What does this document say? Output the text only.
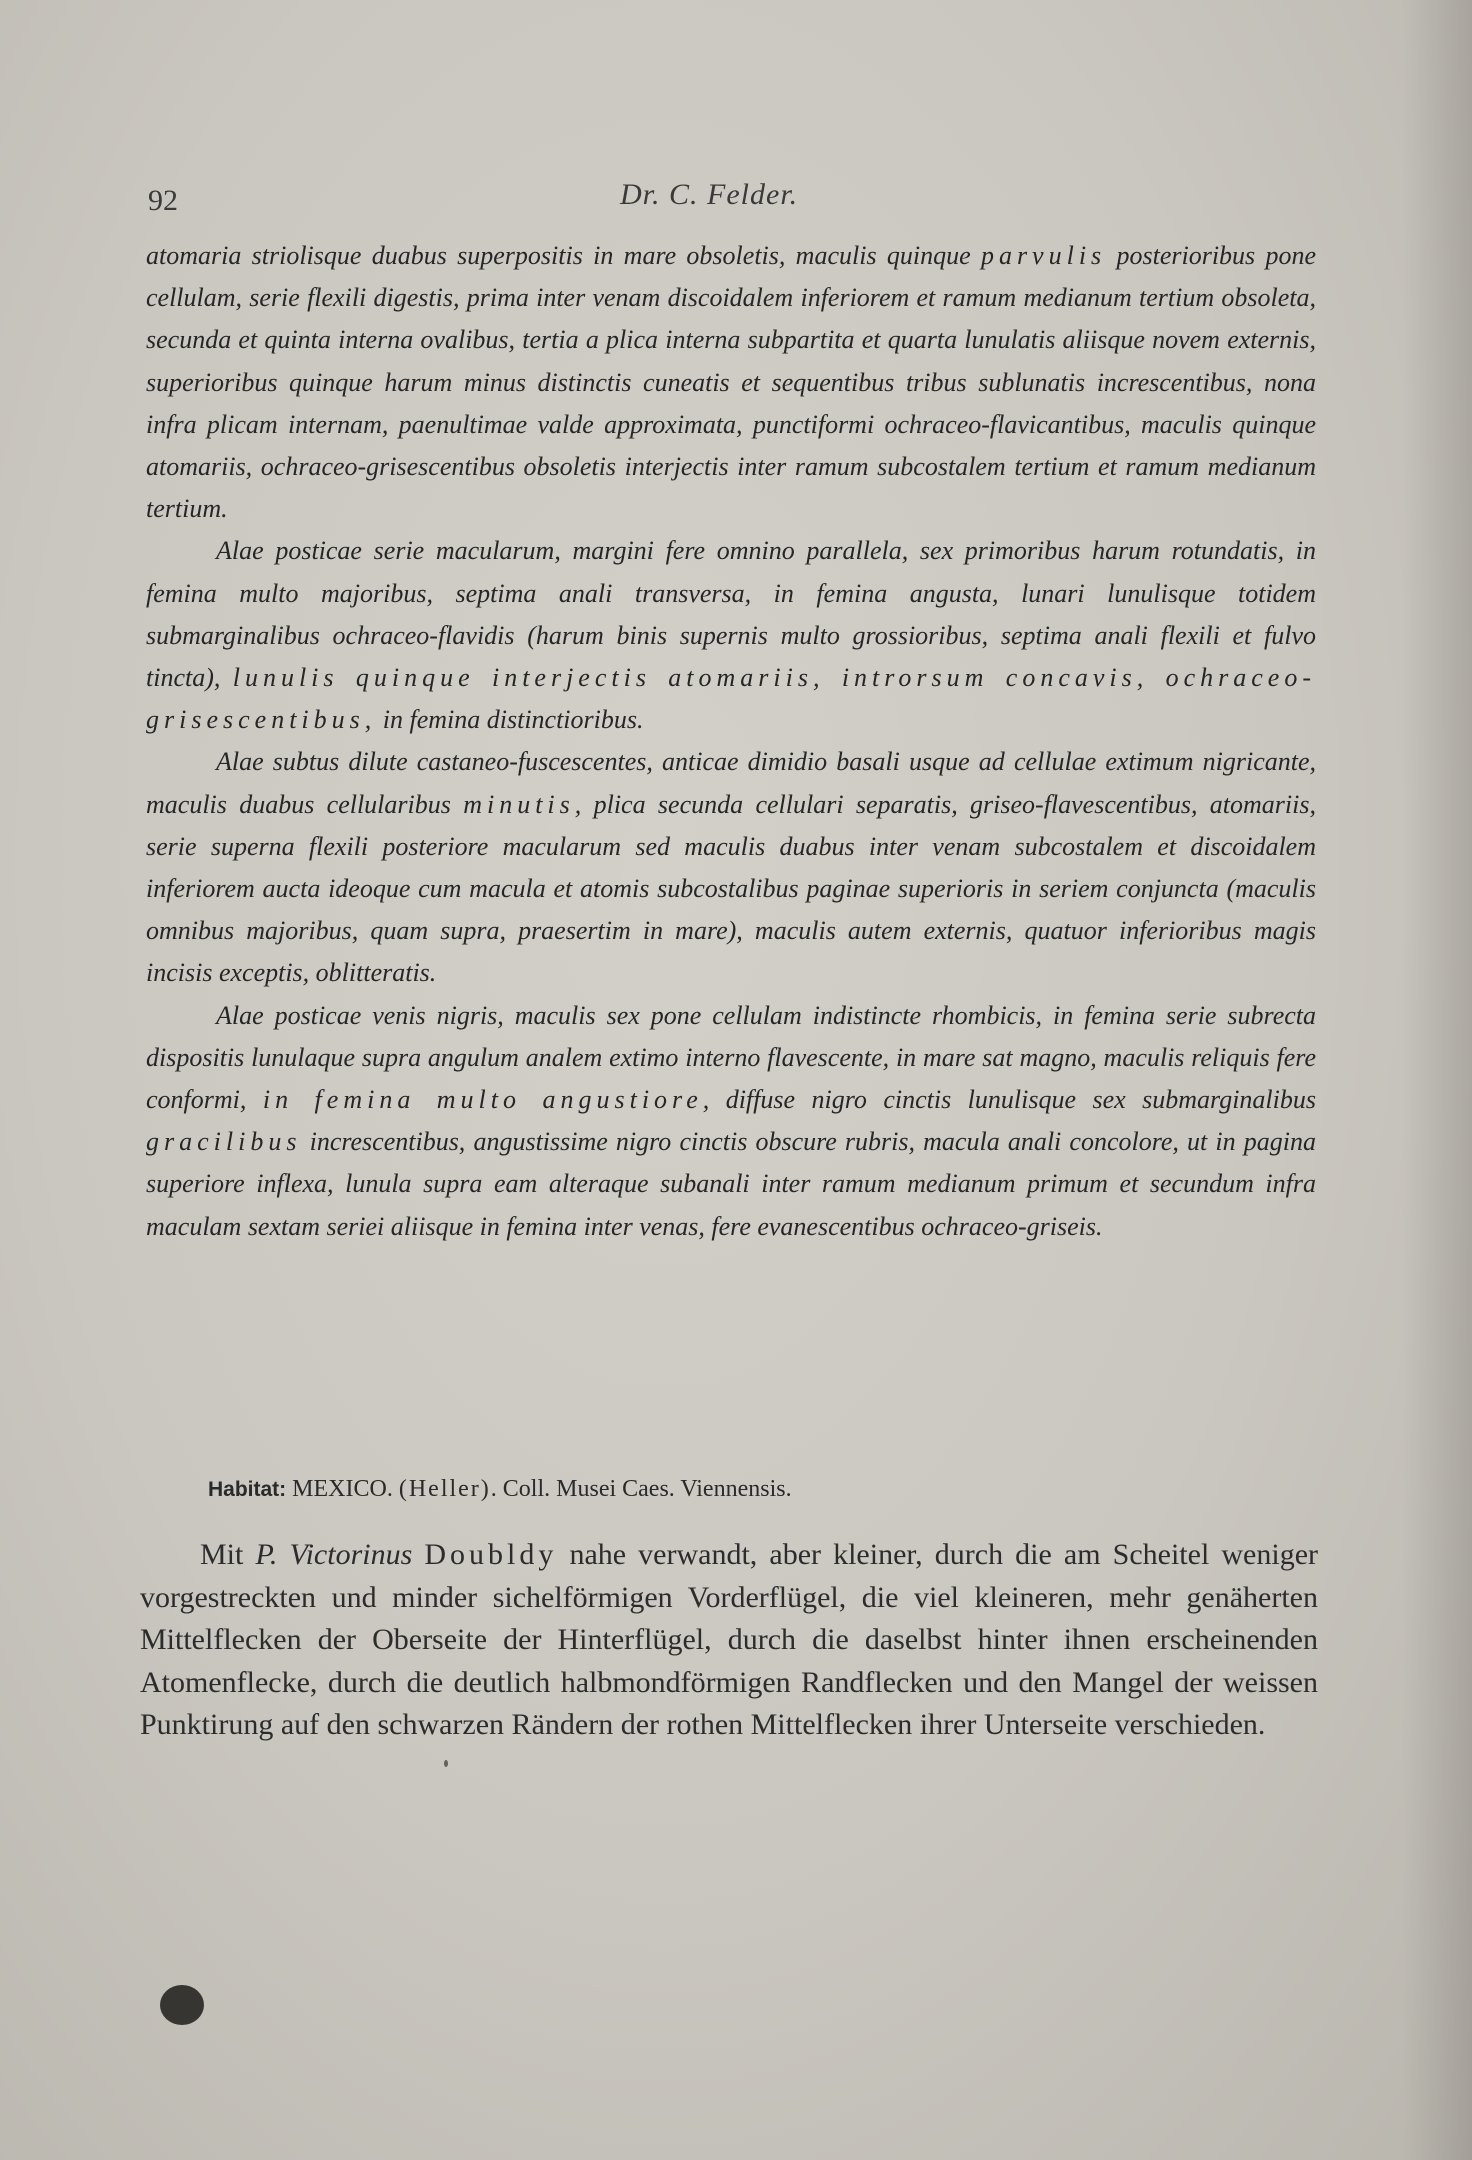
92	Dr. C. Felder.

atomaria striolisque duabus superpositis in mare obsoletis, maculis quinque parvulis posterioribus pone cellulam, serie flexili digestis, prima inter venam discoidalem inferiorem et ramum medianum tertium obsoleta, secunda et quinta interna ovalibus, tertia a plica interna subpartita et quarta lunulatis aliisque novem externis, superioribus quinque harum minus distinctis cuneatis et sequentibus tribus sublunatis increscentibus, nona infra plicam internam, paenultimae valde approximata, punctiformi ochraceo-flavicantibus, maculis quinque atomariis, ochraceo-grisescentibus obsoletis interjectis inter ramum subcostalem tertium et ramum medianum tertium.

Alae posticae serie macularum, margini fere omnino parallela, sex primoribus harum rotundatis, in femina multo majoribus, septima anali transversa, in femina angusta, lunari lunulisque totidem submarginalibus ochraceo-flavidis (harum binis supernis multo grossioribus, septima anali flexili et fulvo tincta), lunulis quinque interjectis atomariis, introrsum concavis, ochraceo-grisescentibus, in femina distinctioribus.

Alae subtus dilute castaneo-fuscescentes, anticae dimidio basali usque ad cellulae extimum nigricante, maculis duabus cellularibus minutis, plica secunda cellulari separatis, griseo-flavescentibus, atomariis, serie superna flexili posteriore macularum sed maculis duabus inter venam subcostalem et discoidalem inferiorem aucta ideoque cum macula et atomis subcostalibus paginae superioris in seriem conjuncta (maculis omnibus majoribus, quam supra, praesertim in mare), maculis autem externis, quatuor inferioribus magis incisis exceptis, oblitteratis.

Alae posticae venis nigris, maculis sex pone cellulam indistincte rhombicis, in femina serie subrecta dispositis lunulaque supra angulum analem extimo interno flavescente, in mare sat magno, maculis reliquis fere conformi, in femina multo angustiore, diffuse nigro cinctis lunulisque sex submarginalibus gracilibus increscentibus, angustissime nigro cinctis obscure rubris, macula anali concolore, ut in pagina superiore inflexa, lunula supra eam alteraque subanali inter ramum medianum primum et secundum infra maculam sextam seriei aliisque in femina inter venas, fere evanescentibus ochraceo-griseis.

Habitat: MEXICO. (Heller). Coll. Musei Caes. Viennensis.

Mit P. Victorinus Doubldy nahe verwandt, aber kleiner, durch die am Scheitel weniger vorgestreckten und minder sichelförmigen Vorderflügel, die viel kleineren, mehr genäherten Mittelflecken der Oberseite der Hinterflügel, durch die daselbst hinter ihnen erscheinenden Atomenflecke, durch die deutlich halbmondförmigen Randflecken und den Mangel der weissen Punktirung auf den schwarzen Rändern der rothen Mittelflecken ihrer Unterseite verschieden.
